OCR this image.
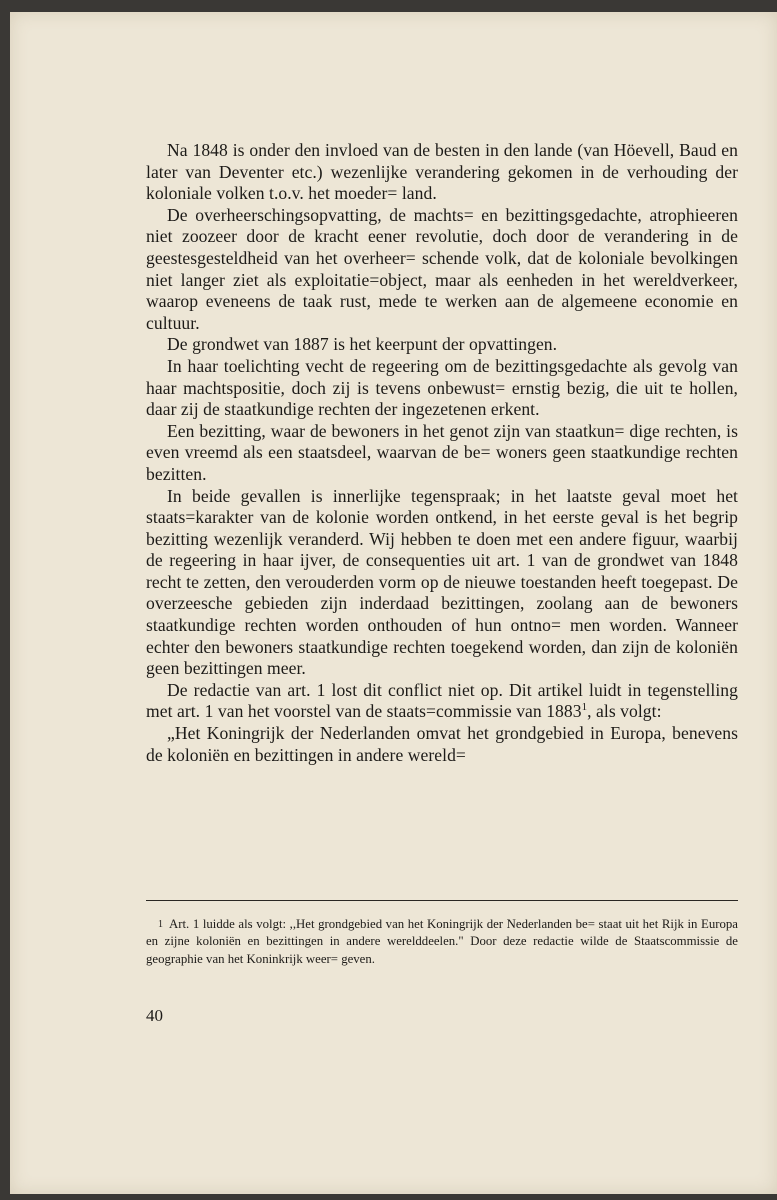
Na 1848 is onder den invloed van de besten in den lande (van Höevell, Baud en later van Deventer etc.) wezenlijke verandering gekomen in de verhouding der koloniale volken t.o.v. het moeder= land.

De overheerschingsopvatting, de machts= en bezittingsgedachte, atrophieeren niet zoozeer door de kracht eener revolutie, doch door de verandering in de geestesgesteldheid van het overheer= schende volk, dat de koloniale bevolkingen niet langer ziet als exploitatie=object, maar als eenheden in het wereldverkeer, waarop eveneens de taak rust, mede te werken aan de algemeene economie en cultuur.

De grondwet van 1887 is het keerpunt der opvattingen.

In haar toelichting vecht de regeering om de bezittingsgedachte als gevolg van haar machtspositie, doch zij is tevens onbewust= ernstig bezig, die uit te hollen, daar zij de staatkundige rechten der ingezetenen erkent.

Een bezitting, waar de bewoners in het genot zijn van staatkun= dige rechten, is even vreemd als een staatsdeel, waarvan de be= woners geen staatkundige rechten bezitten.

In beide gevallen is innerlijke tegenspraak; in het laatste geval moet het staats=karakter van de kolonie worden ontkend, in het eerste geval is het begrip bezitting wezenlijk veranderd. Wij hebben te doen met een andere figuur, waarbij de regeering in haar ijver, de consequenties uit art. 1 van de grondwet van 1848 recht te zetten, den verouderden vorm op de nieuwe toestanden heeft toegepast. De overzeesche gebieden zijn inderdaad bezittingen, zoolang aan de bewoners staatkundige rechten worden onthouden of hun ontno= men worden. Wanneer echter den bewoners staatkundige rechten toegekend worden, dan zijn de koloniën geen bezittingen meer.

De redactie van art. 1 lost dit conflict niet op. Dit artikel luidt in tegenstelling met art. 1 van het voorstel van de staats=commissie van 1883$^1$, als volgt:

„Het Koningrijk der Nederlanden omvat het grondgebied in Europa, benevens de koloniën en bezittingen in andere wereld=

$^1$ Art. 1 luidde als volgt: ,,Het grondgebied van het Koningrijk der Nederlanden be= staat uit het Rijk in Europa en zijne koloniën en bezittingen in andere werelddeelen." Door deze redactie wilde de Staatscommissie de geographie van het Koninkrijk weer= geven.
40
